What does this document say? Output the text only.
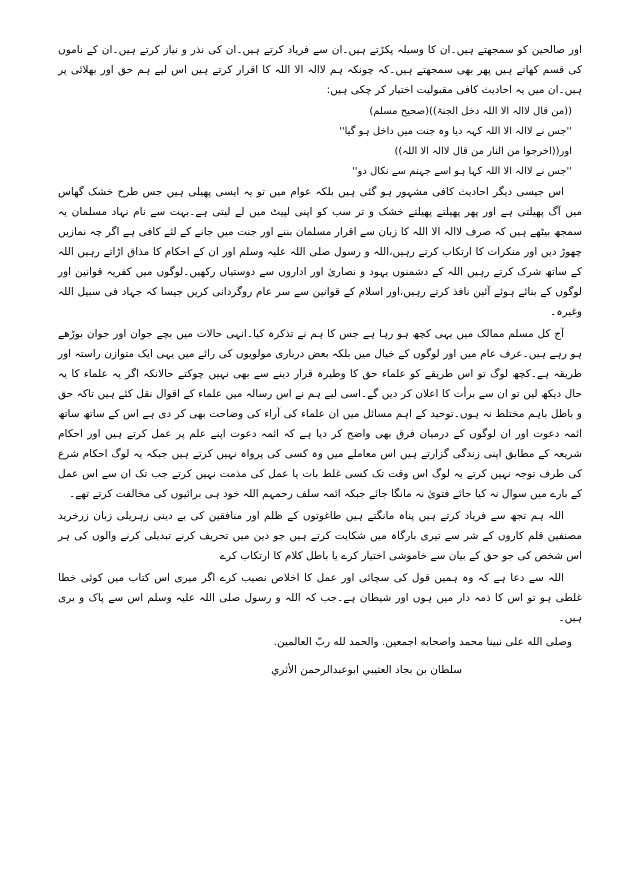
اور صالحین کو سمجھتے ہیں۔ان کا وسیلہ پکڑتے ہیں۔ان سے فریاد کرتے ہیں۔ان کی نذر و نیاز کرتے ہیں۔ان کے ناموں کی قسم کھاتے ہیں پھر بھی سمجھتے ہیں۔کہ چونکہ ہم لاالہ الا اللہ کا اقرار کرتے ہیں اس لیے ہم حق اور بھلائی پر ہیں۔ان میں یہ احادیث کافی مقبولیت اختیار کر چکی ہیں:

((من قال لاالہ الا اللہ دخل الجنۃ))(صحیح مسلم)

''جس نے لاالہ الا اللہ کہہ دیا وہ جنت میں داخل ہو گیا''

اور((اخرجوا من النار من قال لاالہ الا اللہ))

''جس نے لاالہ الا اللہ کہا ہو اسے جہنم سے نکال دو''

اس جیسی دیگر احادیث کافی مشہور ہو گئی ہیں بلکہ عوام میں تو یہ ایسی پھیلی ہیں جس طرح خشک گھاس میں آگ پھیلتی ہے اور پھر پھیلتے پھیلتے خشک و تر سب کو اپنی لپیٹ میں لے لیتی ہے۔بہت سے نام نہاد مسلمان یہ سمجھ بیٹھے ہیں کہ صرف لاالہ الا اللہ کا زبان سے اقرار مسلمان بننے اور جنت میں جانے کے لئے کافی ہے اگر چہ نمازیں چھوڑ دیں اور منکرات کا ارتکاب کرتے رہیں،اللہ و رسول صلی اللہ علیہ وسلم اور ان کے احکام کا مذاق اڑاتے رہیں اللہ کے ساتھ شرک کرتے رہیں اللہ کے دشمنوں یہود و نصاریٰ اور اداروں سے دوستیاں رکھیں۔لوگوں میں کفریہ قوانین اور لوگوں کے بنائے ہوئے آئین نافذ کرتے رہیں،اور اسلام کے قوانین سے سر عام روگردانی کریں جیسا کہ جہاد فی سبیل اللہ وغیرہ۔

آج کل مسلم ممالک میں یہی کچھ ہو رہا ہے جس کا ہم نے تذکرہ کیا۔انہی حالات میں بچے جوان اور جوان بوڑھے ہو رہے ہیں۔عرف عام میں اور لوگوں کے خیال میں بلکہ بعض درباری مولویوں کی رائے میں یہی ایک متوازن راستہ اور طریقہ ہے۔کچھ لوگ تو اس طریقے کو علماء حق کا وطیرہ قرار دینے سے بھی نہیں چوکتے حالانکہ اگر یہ علماء کا یہ حال دیکھ لیں تو ان سے برأت کا اعلان کر دیں گے۔اسی لیے ہم نے اس رسالہ میں علماء کے اقوال نقل کئے ہیں تاکہ حق و باطل باہم مختلط نہ ہوں۔توحید کے اہم مسائل میں ان علماء کی آراء کی وضاحت بھی کر دی ہے اس کے ساتھ ساتھ ائمہ دعوت اور ان لوگوں کے درمیان فرق بھی واضح کر دیا ہے کہ ائمہ دعوت اپنے علم پر عمل کرتے ہیں اور احکام شریعہ کے مطابق اپنی زندگی گزارتے ہیں اس معاملے میں وہ کسی کی پرواہ نہیں کرتے ہیں جبکہ یہ لوگ احکام شرع کی طرف توجہ نہیں کرتے یہ لوگ اس وقت تک کسی غلط بات یا عمل کی مذمت نہیں کرتے جب تک ان سے اس عمل کے بارے میں سوال نہ کیا جائے فتویٰ نہ مانگا جائے جبکہ ائمہ سلف رحمہم اللہ خود ہی برائیوں کی مخالفت کرتے تھے۔

اللہ ہم تجھ سے فریاد کرتے ہیں پناہ مانگتے ہیں طاغوتوں کے ظلم اور منافقین کی بے دینی زہریلی زبان زرخرید مصنفین قلم کاروں کے شر سے تیری بارگاہ میں شکایت کرتے ہیں جو دین میں تحریف کرنے تبدیلی کرنے والوں کی ہر اس شخص کی جو حق کے بیان سے خاموشی اختیار کرے یا باطل کلام کا ارتکاب کرے

اللہ سے دعا ہے کہ وہ ہمیں قول کی سچائی اور عمل کا اخلاص نصیب کرے اگر میری اس کتاب میں کوئی خطا غلطی ہو تو اس کا ذمہ دار میں ہوں اور شیطان ہے۔جب کہ اللہ و رسول صلی اللہ علیہ وسلم اس سے پاک و بری ہیں۔

وصلى الله على نبينا محمد واصحابه اجمعين. والحمد لله ربّ العالمين.

سلطان بن بجاد العتيبي ابوعبدالرحمن الأثري
